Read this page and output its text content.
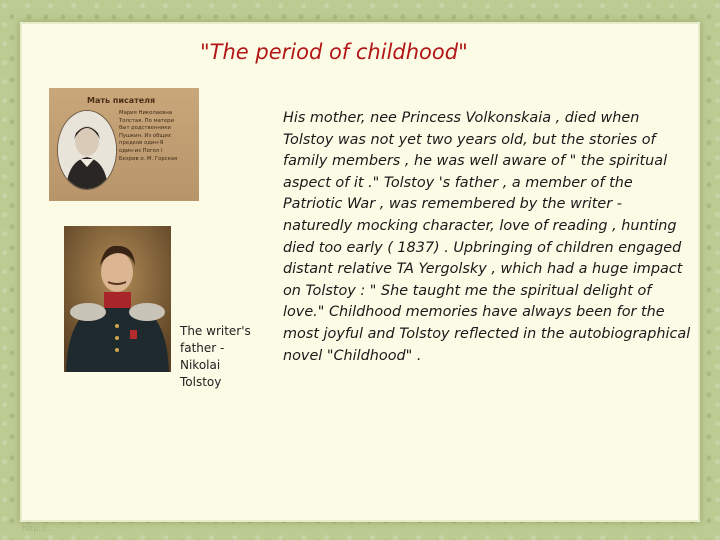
"The period of childhood"
Мать писателя
Мария Николаевна
Толстая. По матери
быт родственники
Пушкин. Из общих
предков один-Я
один-из Погол і
Безрив о. М. Горская
The writer's father - Nikolai Tolstoy
His mother, nee Princess Volkonskaia , died when Tolstoy was not yet two years old, but the stories of family members , he was well aware of " the spiritual aspect of it ." Tolstoy 's father , a member of the Patriotic War , was remembered by the writer - naturedly mocking character, love of reading , hunting died too early ( 1837) . Upbringing of children engaged distant relative TA Yergolsky , which had a huge impact on Tolstoy : " She taught me the spiritual delight of love." Childhood memories have always been for the most joyful and Tolstoy reflected in the autobiographical novel "Childhood" .
http://...
